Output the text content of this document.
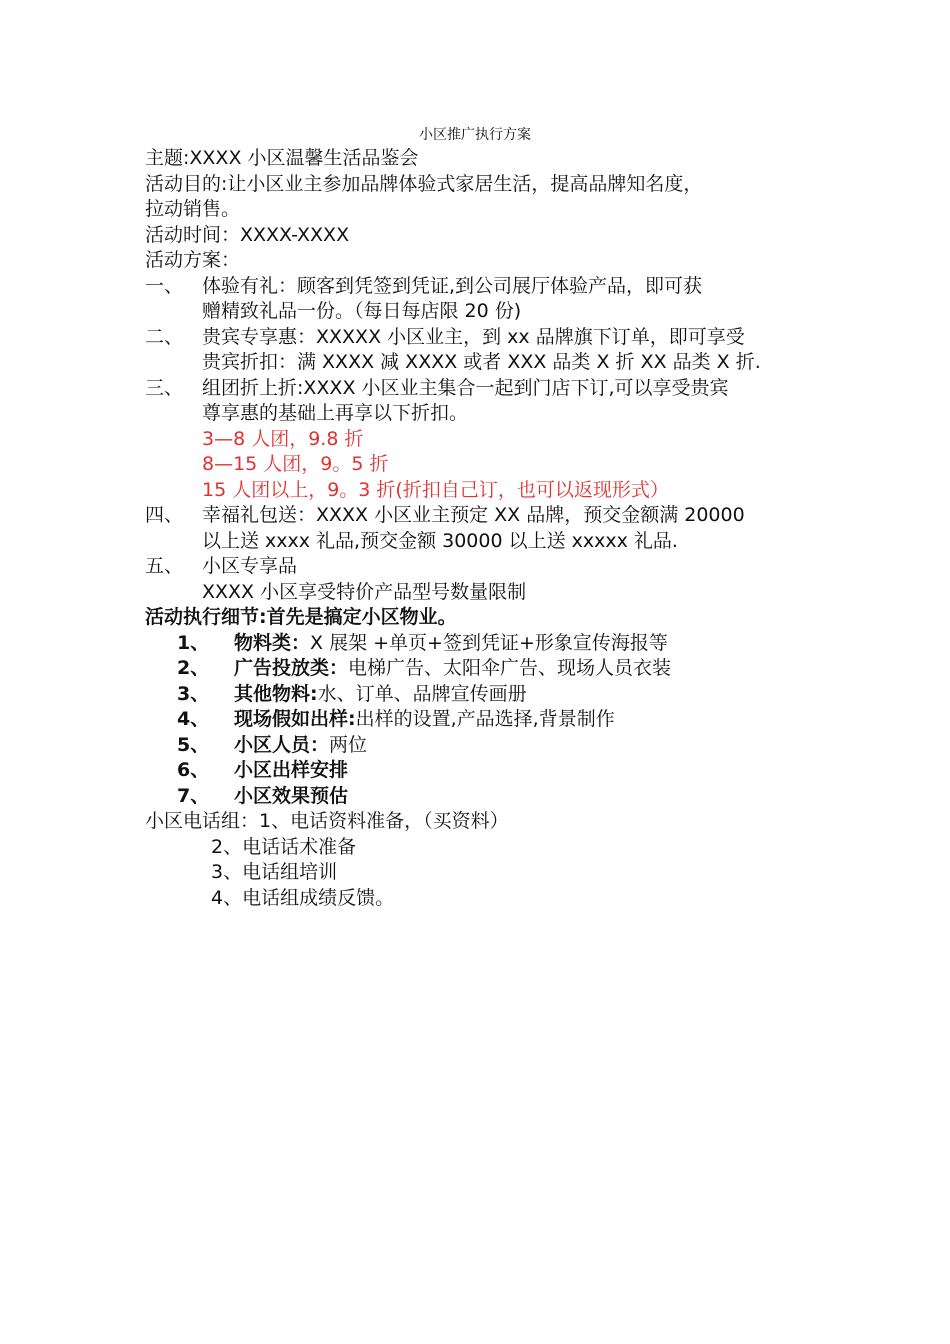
小区推广执行方案
主题:XXXX 小区温馨生活品鉴会
活动目的:让小区业主参加品牌体验式家居生活，提高品牌知名度，
拉动销售。
活动时间：XXXX-XXXX
活动方案：
一、 体验有礼：顾客到凭签到凭证,到公司展厅体验产品，即可获
赠精致礼品一份。（每日每店限 20 份)
二、 贵宾专享惠：XXXXX 小区业主，到 xx 品牌旗下订单，即可享受
贵宾折扣：满 XXXX 减 XXXX 或者 XXX 品类 X 折 XX 品类 X 折.
三、 组团折上折:XXXX 小区业主集合一起到门店下订,可以享受贵宾
尊享惠的基础上再享以下折扣。
3—8 人团，9.8 折
8—15 人团，9。5 折
15 人团以上，9。3 折(折扣自己订，也可以返现形式）
四、 幸福礼包送：XXXX 小区业主预定 XX 品牌，预交金额满 20000
以上送 xxxx 礼品,预交金额 30000 以上送 xxxxx 礼品.
五、 小区专享品
XXXX 小区享受特价产品型号数量限制
活动执行细节:首先是搞定小区物业。
1、	物料类：X 展架 +单页+签到凭证+形象宣传海报等
2、	广告投放类：电梯广告、太阳伞广告、现场人员衣装
3、	其他物料:水、订单、品牌宣传画册
4、	现场假如出样:出样的设置,产品选择,背景制作
5、	小区人员：两位
6、	小区出样安排
7、	小区效果预估
小区电话组：1、电话资料准备，（买资料）
2、电话话术准备
3、电话组培训
4、电话组成绩反馈。
